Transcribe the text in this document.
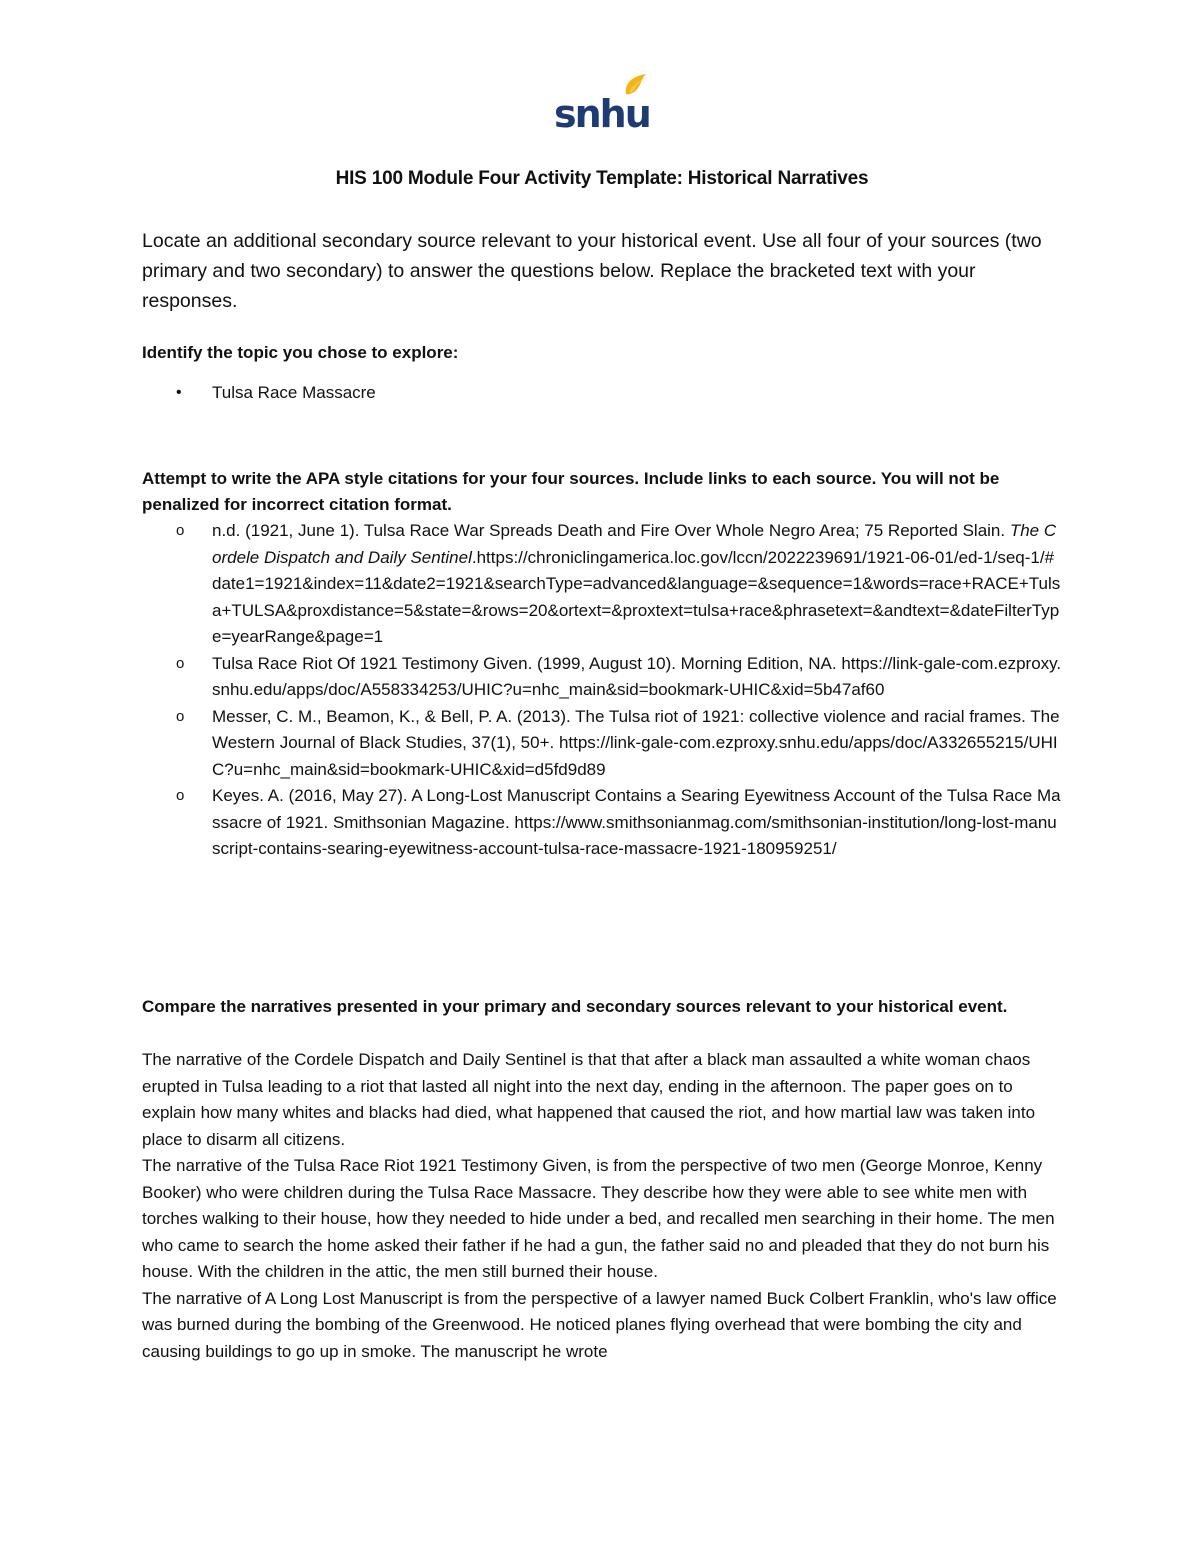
snhu
HIS 100 Module Four Activity Template: Historical Narratives
Locate an additional secondary source relevant to your historical event. Use all four of your sources (two primary and two secondary) to answer the questions below. Replace the bracketed text with your responses.
Identify the topic you chose to explore:
• Tulsa Race Massacre
Attempt to write the APA style citations for your four sources. Include links to each source. You will not be penalized for incorrect citation format.
o n.d. (1921, June 1). Tulsa Race War Spreads Death and Fire Over Whole Negro Area; 75 Reported Slain. The Cordele Dispatch and Daily Sentinel.https://chroniclingamerica.loc.gov/lccn/2022239691/1921-06-01/ed-1/seq-1/#date1=1921&index=11&date2=1921&searchType=advanced&language=&sequence=1&words=race+RACE+Tulsa+TULSA&proxdistance=5&state=&rows=20&ortext=&proxtext=tulsa+race&phrasetext=&andtext=&dateFilterType=yearRange&page=1
o Tulsa Race Riot Of 1921 Testimony Given. (1999, August 10). Morning Edition, NA. https://link-gale-com.ezproxy.snhu.edu/apps/doc/A558334253/UHIC?u=nhc_main&sid=bookmark-UHIC&xid=5b47af60
o Messer, C. M., Beamon, K., & Bell, P. A. (2013). The Tulsa riot of 1921: collective violence and racial frames. The Western Journal of Black Studies, 37(1), 50+. https://link-gale-com.ezproxy.snhu.edu/apps/doc/A332655215/UHIC?u=nhc_main&sid=bookmark-UHIC&xid=d5fd9d89
o Keyes. A. (2016, May 27). A Long-Lost Manuscript Contains a Searing Eyewitness Account of the Tulsa Race Massacre of 1921. Smithsonian Magazine. https://www.smithsonianmag.com/smithsonian-institution/long-lost-manuscript-contains-searing-eyewitness-account-tulsa-race-massacre-1921-180959251/
Compare the narratives presented in your primary and secondary sources relevant to your historical event.

The narrative of the Cordele Dispatch and Daily Sentinel is that that after a black man assaulted a white woman chaos erupted in Tulsa leading to a riot that lasted all night into the next day, ending in the afternoon. The paper goes on to explain how many whites and blacks had died, what happened that caused the riot, and how martial law was taken into place to disarm all citizens.

The narrative of the Tulsa Race Riot 1921 Testimony Given, is from the perspective of two men (George Monroe, Kenny Booker) who were children during the Tulsa Race Massacre. They describe how they were able to see white men with torches walking to their house, how they needed to hide under a bed, and recalled men searching in their home. The men who came to search the home asked their father if he had a gun, the father said no and pleaded that they do not burn his house. With the children in the attic, the men still burned their house.

The narrative of A Long Lost Manuscript is from the perspective of a lawyer named Buck Colbert Franklin, who's law office was burned during the bombing of the Greenwood. He noticed planes flying overhead that were bombing the city and causing buildings to go up in smoke. The manuscript he wrote
